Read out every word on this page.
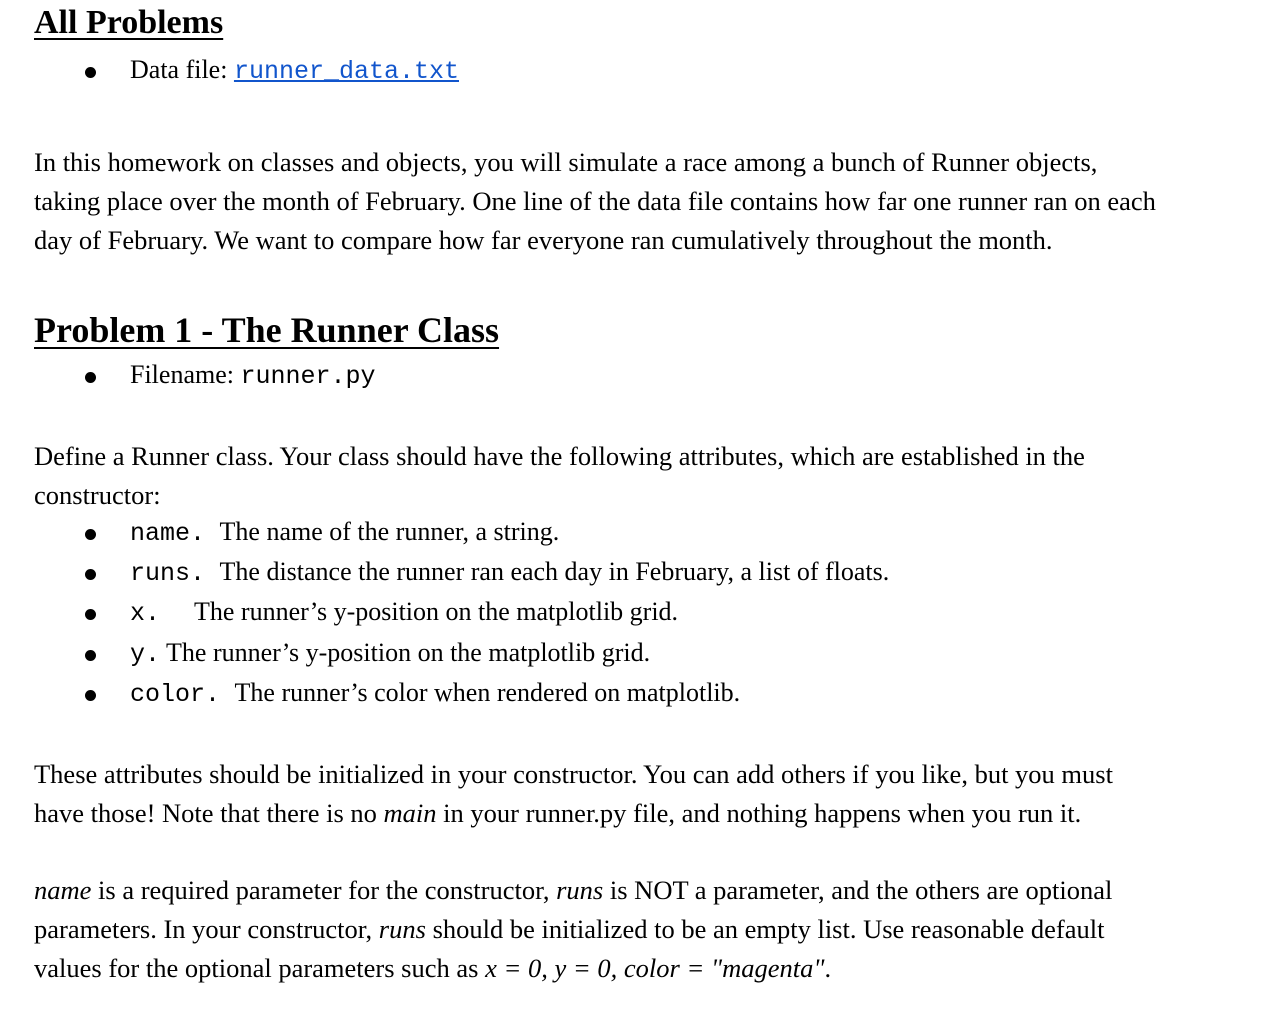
All Problems
Data file: runner_data.txt
In this homework on classes and objects, you will simulate a race among a bunch of Runner objects,
taking place over the month of February. One line of the data file contains how far one runner ran on each
day of February. We want to compare how far everyone ran cumulatively throughout the month.
Problem 1 - The Runner Class
Filename: runner.py
Define a Runner class. Your class should have the following attributes, which are established in the
constructor:
name. The name of the runner, a string.
runs. The distance the runner ran each day in February, a list of floats.
x. The runner’s y-position on the matplotlib grid.
y. The runner’s y-position on the matplotlib grid.
color. The runner’s color when rendered on matplotlib.
These attributes should be initialized in your constructor. You can add others if you like, but you must
have those! Note that there is no main in your runner.py file, and nothing happens when you run it.
name is a required parameter for the constructor, runs is NOT a parameter, and the others are optional
parameters. In your constructor, runs should be initialized to be an empty list. Use reasonable default
values for the optional parameters such as x = 0, y = 0, color = "magenta".
